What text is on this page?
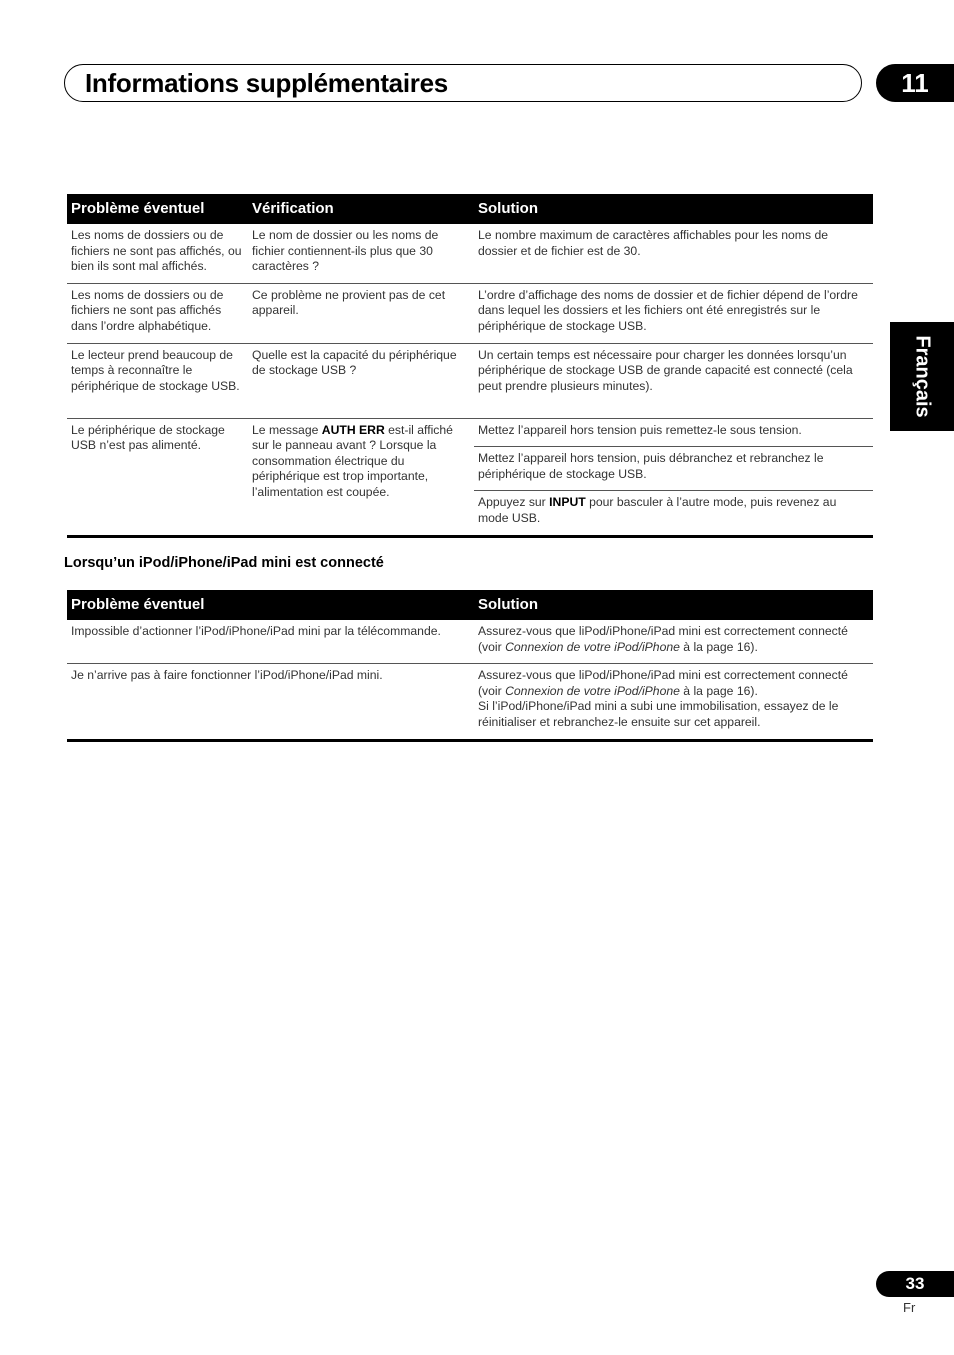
Informations supplémentaires	11
Français
Problème éventuel	Vérification	Solution
Les noms de dossiers ou de fichiers ne sont pas affichés, ou bien ils sont mal affichés.	Le nom de dossier ou les noms de fichier contiennent-ils plus que 30 caractères ?	Le nombre maximum de caractères affichables pour les noms de dossier et de fichier est de 30.
Les noms de dossiers ou de fichiers ne sont pas affichés dans l’ordre alphabétique.	Ce problème ne provient pas de cet appareil.	L’ordre d’affichage des noms de dossier et de fichier dépend de l’ordre dans lequel les dossiers et les fichiers ont été enregistrés sur le périphérique de stockage USB.
Le lecteur prend beaucoup de temps à reconnaître le périphérique de stockage USB.	Quelle est la capacité du périphérique de stockage USB ?	Un certain temps est nécessaire pour charger les données lorsqu’un périphérique de stockage USB de grande capacité est connecté (cela peut prendre plusieurs minutes).
Le périphérique de stockage USB n’est pas alimenté.	Le message AUTH ERR est-il affiché sur le panneau avant ? Lorsque la consommation électrique du périphérique est trop importante, l’alimentation est coupée.	Mettez l’appareil hors tension puis remettez-le sous tension.
		Mettez l’appareil hors tension, puis débranchez et rebranchez le périphérique de stockage USB.
		Appuyez sur INPUT pour basculer à l’autre mode, puis revenez au mode USB.
Lorsqu’un iPod/iPhone/iPad mini est connecté
Problème éventuel	Solution
Impossible d’actionner l’iPod/iPhone/iPad mini par la télécommande.	Assurez-vous que liPod/iPhone/iPad mini est correctement connecté (voir Connexion de votre iPod/iPhone à la page 16).
Je n’arrive pas à faire fonctionner l’iPod/iPhone/iPad mini.	Assurez-vous que liPod/iPhone/iPad mini est correctement connecté (voir Connexion de votre iPod/iPhone à la page 16).
Si l’iPod/iPhone/iPad mini a subi une immobilisation, essayez de le réinitialiser et rebranchez-le ensuite sur cet appareil.
33
Fr
